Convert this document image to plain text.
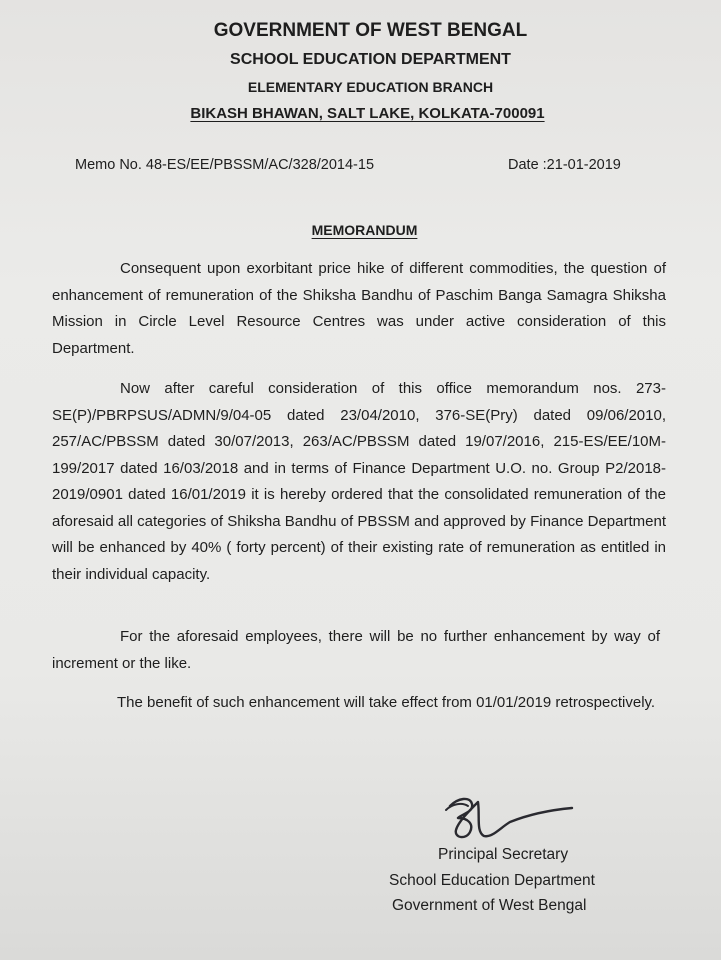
GOVERNMENT OF WEST BENGAL
SCHOOL EDUCATION DEPARTMENT
ELEMENTARY EDUCATION BRANCH
BIKASH BHAWAN, SALT LAKE, KOLKATA-700091
Memo No. 48-ES/EE/PBSSM/AC/328/2014-15	Date :21-01-2019
MEMORANDUM

Consequent upon exorbitant price hike of different commodities, the question of enhancement of remuneration of the Shiksha Bandhu of Paschim Banga Samagra Shiksha Mission in Circle Level Resource Centres was under active consideration of this Department.

Now after careful consideration of this office memorandum nos. 273-SE(P)/PBRPSUS/ADMN/9/04-05 dated 23/04/2010, 376-SE(Pry) dated 09/06/2010, 257/AC/PBSSM dated 30/07/2013, 263/AC/PBSSM dated 19/07/2016, 215-ES/EE/10M-199/2017 dated 16/03/2018 and in terms of Finance Department U.O. no. Group P2/2018-2019/0901 dated 16/01/2019 it is hereby ordered that the consolidated remuneration of the aforesaid all categories of Shiksha Bandhu of PBSSM and approved by Finance Department will be enhanced by 40% ( forty percent) of their existing rate of remuneration as entitled in their individual capacity.

For the aforesaid employees, there will be no further enhancement by way of increment or the like.

The benefit of such enhancement will take effect from 01/01/2019 retrospectively.

Principal Secretary
School Education Department
Government of West Bengal
